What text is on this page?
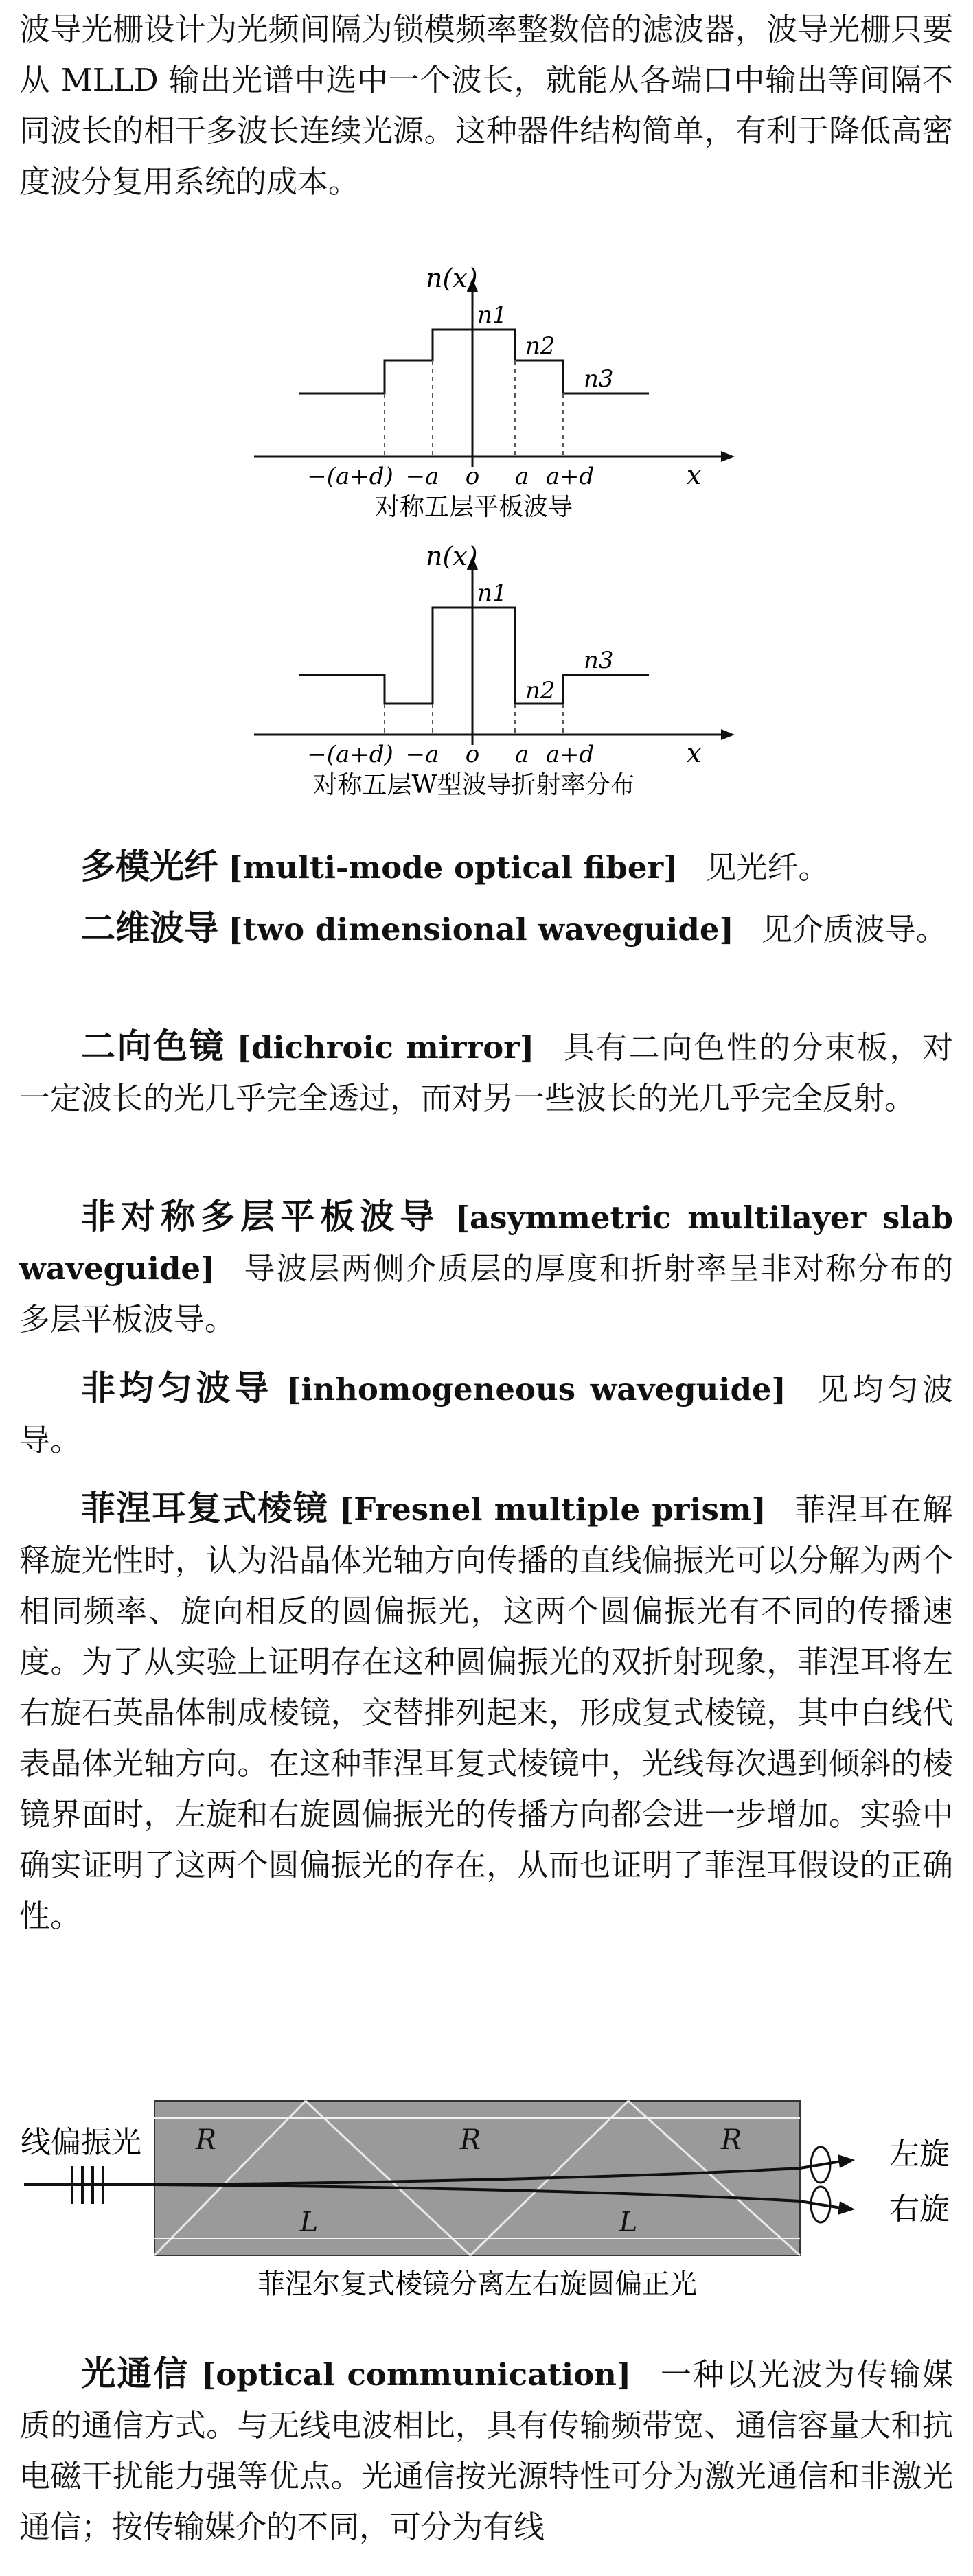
波导光栅设计为光频间隔为锁模频率整数倍的滤波器，波导光栅只要从 MLLD 输出光谱中选中一个波长，就能从各端口中输出等间隔不同波长的相干多波长连续光源。这种器件结构简单，有利于降低高密度波分复用系统的成本。

n(x)
n1
n2
n3
x
−(a+d) −a o a a+d
对称五层平板波导
n(x)
n1
n2
n3
x
−(a+d) −a o a a+d
对称五层W型波导折射率分布

多模光纤 [multi-mode optical fiber] 见光纤。

二维波导 [two dimensional waveguide] 见介质波导。

二向色镜 [dichroic mirror] 具有二向色性的分束板，对一定波长的光几乎完全透过，而对另一些波长的光几乎完全反射。

非对称多层平板波导 [asymmetric multilayer slab waveguide] 导波层两侧介质层的厚度和折射率呈非对称分布的多层平板波导。

非均匀波导 [inhomogeneous waveguide] 见均匀波导。

菲涅耳复式棱镜 [Fresnel multiple prism] 菲涅耳在解释旋光性时，认为沿晶体光轴方向传播的直线偏振光可以分解为两个相同频率、旋向相反的圆偏振光，这两个圆偏振光有不同的传播速度。为了从实验上证明存在这种圆偏振光的双折射现象，菲涅耳将左右旋石英晶体制成棱镜，交替排列起来，形成复式棱镜，其中白线代表晶体光轴方向。在这种菲涅耳复式棱镜中，光线每次遇到倾斜的棱镜界面时，左旋和右旋圆偏振光的传播方向都会进一步增加。实验中确实证明了这两个圆偏振光的存在，从而也证明了菲涅耳假设的正确性。

R	R	R
L	L
线偏振光	左旋
右旋
菲涅尔复式棱镜分离左右旋圆偏正光

光通信 [optical communication] 一种以光波为传输媒质的通信方式。与无线电波相比，具有传输频带宽、通信容量大和抗电磁干扰能力强等优点。光通信按光源特性可分为激光通信和非激光通信；按传输媒介的不同，可分为有线
